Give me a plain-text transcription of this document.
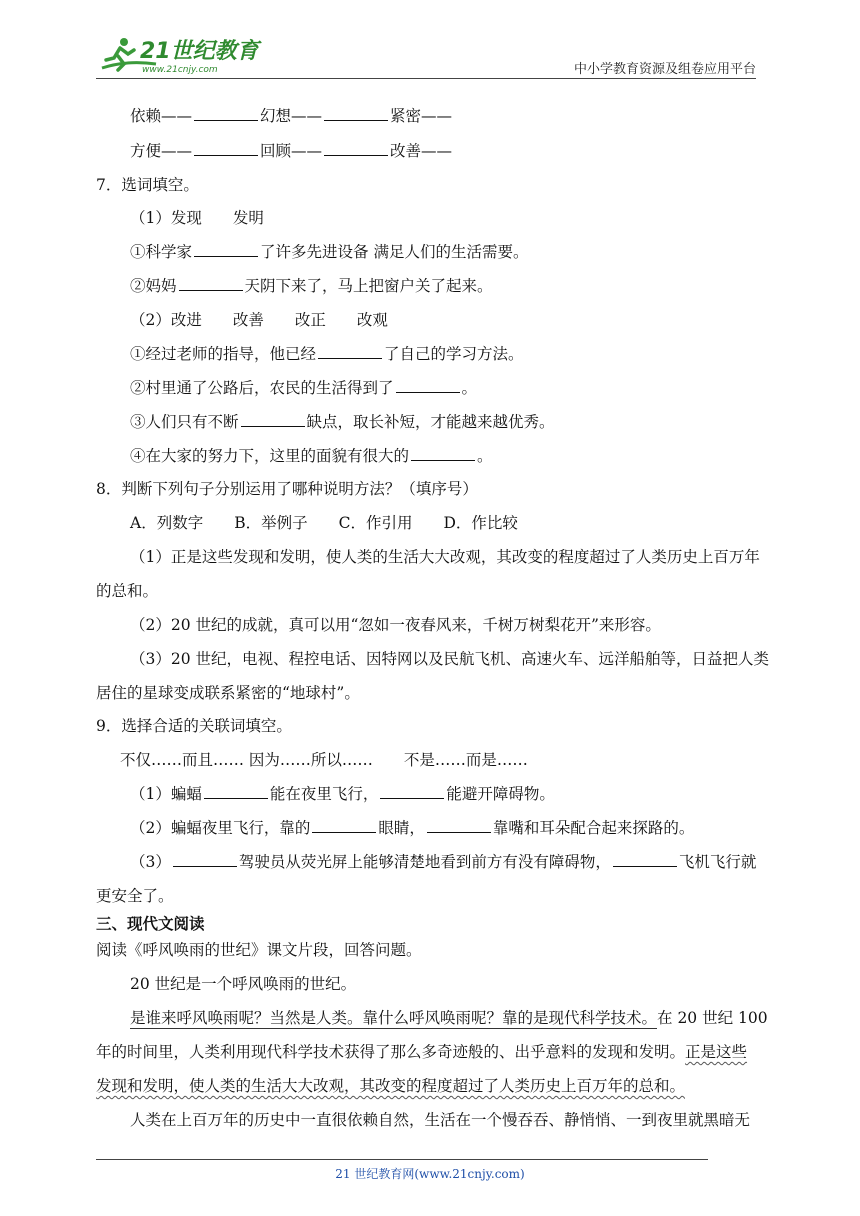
21世纪教育
www.21cnjy.com	中小学教育资源及组卷应用平台
依赖——	幻想——	紧密——
方便——	回顾——	改善——
7．选词填空。
（1）发现　　发明
①科学家	了许多先进设备 满足人们的生活需要。
②妈妈	天阴下来了，马上把窗户关了起来。
（2）改进　　改善　　改正　　改观
①经过老师的指导，他已经	了自己的学习方法。
②村里通了公路后，农民的生活得到了	。
③人们只有不断	缺点，取长补短，才能越来越优秀。
④在大家的努力下，这里的面貌有很大的	。
8．判断下列句子分别运用了哪种说明方法？（填序号）
A．列数字　　B．举例子　　C．作引用　　D．作比较
（1）正是这些发现和发明，使人类的生活大大改观，其改变的程度超过了人类历史上百万年
的总和。
（2）20 世纪的成就，真可以用“忽如一夜春风来，千树万树梨花开”来形容。
（3）20 世纪，电视、程控电话、因特网以及民航飞机、高速火车、远洋船舶等，日益把人类
居住的星球变成联系紧密的“地球村”。
9．选择合适的关联词填空。
不仅……而且…… 因为……所以……　　不是……而是……
（1）蝙蝠	能在夜里飞行，	能避开障碍物。
（2）蝙蝠夜里飞行，靠的	眼睛，	靠嘴和耳朵配合起来探路的。
（3）	驾驶员从荧光屏上能够清楚地看到前方有没有障碍物，	飞机飞行就
更安全了。
三、现代文阅读
阅读《呼风唤雨的世纪》课文片段，回答问题。
20 世纪是一个呼风唤雨的世纪。
是谁来呼风唤雨呢？当然是人类。靠什么呼风唤雨呢？靠的是现代科学技术。在 20 世纪 100
年的时间里，人类利用现代科学技术获得了那么多奇迹般的、出乎意料的发现和发明。正是这些
发现和发明，使人类的生活大大改观，其改变的程度超过了人类历史上百万年的总和。
人类在上百万年的历史中一直很依赖自然，生活在一个慢吞吞、静悄悄、一到夜里就黑暗无
21 世纪教育网(www.21cnjy.com)
